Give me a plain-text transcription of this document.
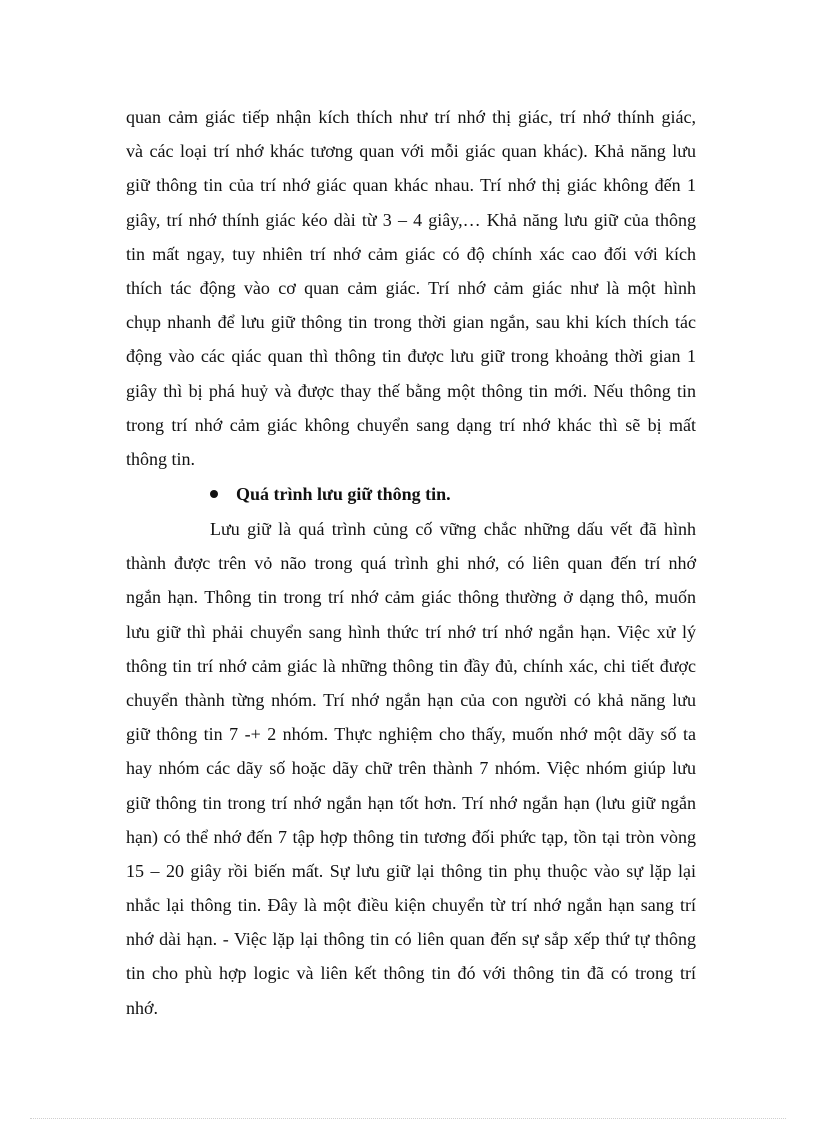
quan cảm giác tiếp nhận kích thích như trí nhớ thị giác, trí nhớ thính giác,
và các loại trí nhớ khác tương quan với mỗi giác quan khác). Khả năng lưu
giữ thông tin của trí nhớ giác quan khác nhau. Trí nhớ thị giác không đến 1
giây, trí nhớ thính giác kéo dài từ 3 – 4 giây,… Khả năng lưu giữ của thông
tin mất ngay, tuy nhiên trí nhớ cảm giác có độ chính xác cao đối với kích
thích tác động vào cơ quan cảm giác. Trí nhớ cảm giác như là một hình
chụp nhanh để lưu giữ thông tin trong thời gian ngắn, sau khi kích thích tác
động vào các qiác quan thì thông tin được lưu giữ trong khoảng thời gian 1
giây thì bị phá huỷ và được thay thế bằng một thông tin mới. Nếu thông tin
trong trí nhớ cảm giác không chuyển sang dạng trí nhớ khác thì sẽ bị mất
thông tin.
Quá trình lưu giữ thông tin.
Lưu giữ là quá trình củng cố vững chắc những dấu vết đã hình
thành được trên vỏ não trong quá trình ghi nhớ, có liên quan đến trí nhớ
ngắn hạn. Thông tin trong trí nhớ cảm giác thông thường ở dạng thô, muốn
lưu giữ thì phải chuyển sang hình thức trí nhớ trí nhớ ngắn hạn. Việc xử lý
thông tin trí nhớ cảm giác là những thông tin đầy đủ, chính xác, chi tiết được
chuyển thành từng nhóm. Trí nhớ ngắn hạn của con người có khả năng lưu
giữ thông tin 7 -+ 2 nhóm. Thực nghiệm cho thấy, muốn nhớ một dãy số ta
hay nhóm các dãy số hoặc dãy chữ trên thành 7 nhóm. Việc nhóm giúp lưu
giữ thông tin trong trí nhớ ngắn hạn tốt hơn. Trí nhớ ngắn hạn (lưu giữ ngắn
hạn) có thể nhớ đến 7 tập hợp thông tin tương đối phức tạp, tồn tại tròn vòng
15 – 20 giây rồi biến mất. Sự lưu giữ lại thông tin phụ thuộc vào sự lặp lại
nhắc lại thông tin. Đây là một điều kiện chuyển từ trí nhớ ngắn hạn sang trí
nhớ dài hạn. - Việc lặp lại thông tin có liên quan đến sự sắp xếp thứ tự thông
tin cho phù hợp logic và liên kết thông tin đó với thông tin đã có trong trí
nhớ.
